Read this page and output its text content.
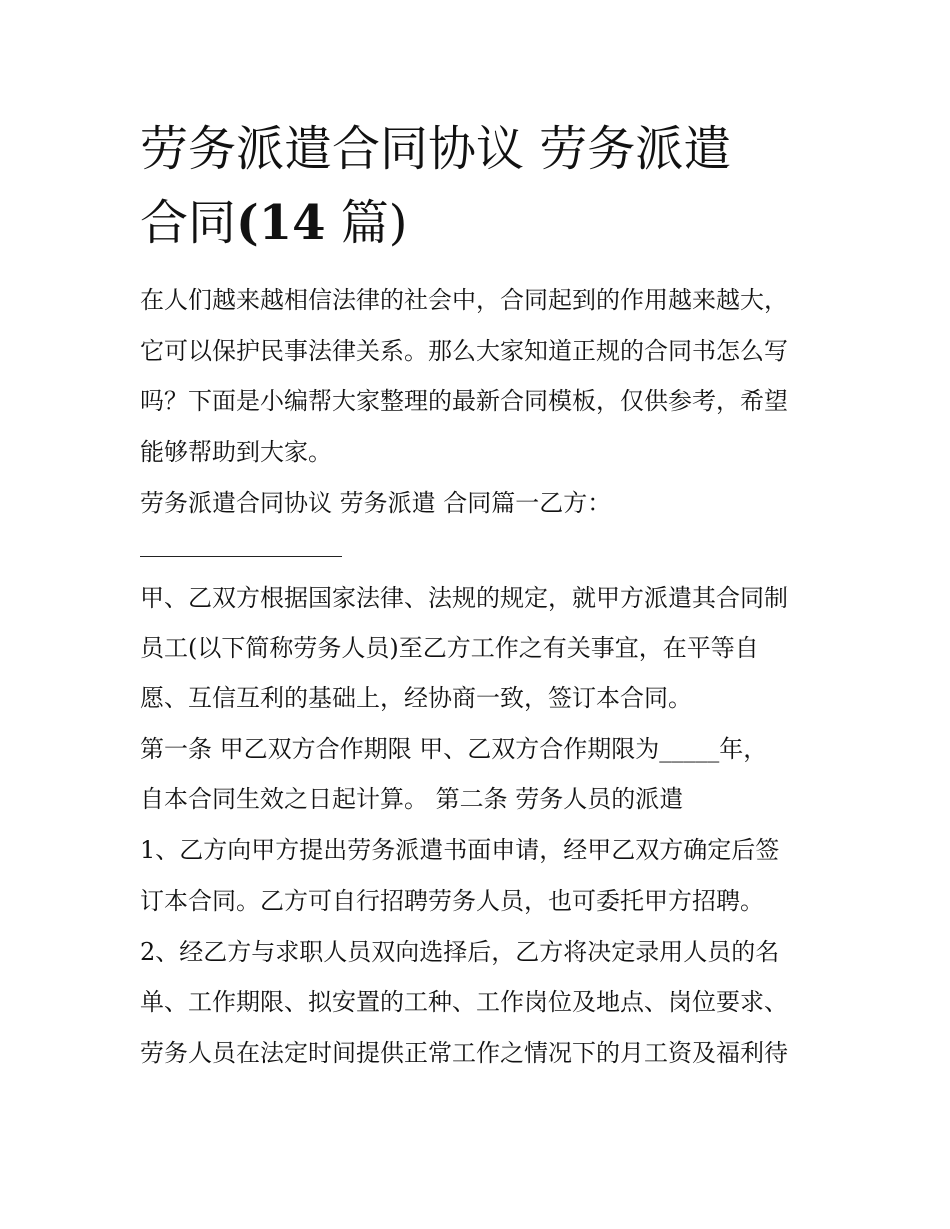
劳务派遣合同协议 劳务派遣
合同(14 篇)

在人们越来越相信法律的社会中，合同起到的作用越来越大，

它可以保护民事法律关系。那么大家知道正规的合同书怎么写

吗？下面是小编帮大家整理的最新合同模板，仅供参考，希望

能够帮助到大家。

劳务派遣合同协议 劳务派遣 合同篇一乙方：

甲、乙双方根据国家法律、法规的规定，就甲方派遣其合同制

员工(以下简称劳务人员)至乙方工作之有关事宜，在平等自

愿、互信互利的基础上，经协商一致，签订本合同。

第一条 甲乙双方合作期限 甲、乙双方合作期限为_____年，

自本合同生效之日起计算。 第二条 劳务人员的派遣

1、乙方向甲方提出劳务派遣书面申请，经甲乙双方确定后签

订本合同。乙方可自行招聘劳务人员，也可委托甲方招聘。

2、经乙方与求职人员双向选择后，乙方将决定录用人员的名

单、工作期限、拟安置的工种、工作岗位及地点、岗位要求、

劳务人员在法定时间提供正常工作之情况下的月工资及福利待
